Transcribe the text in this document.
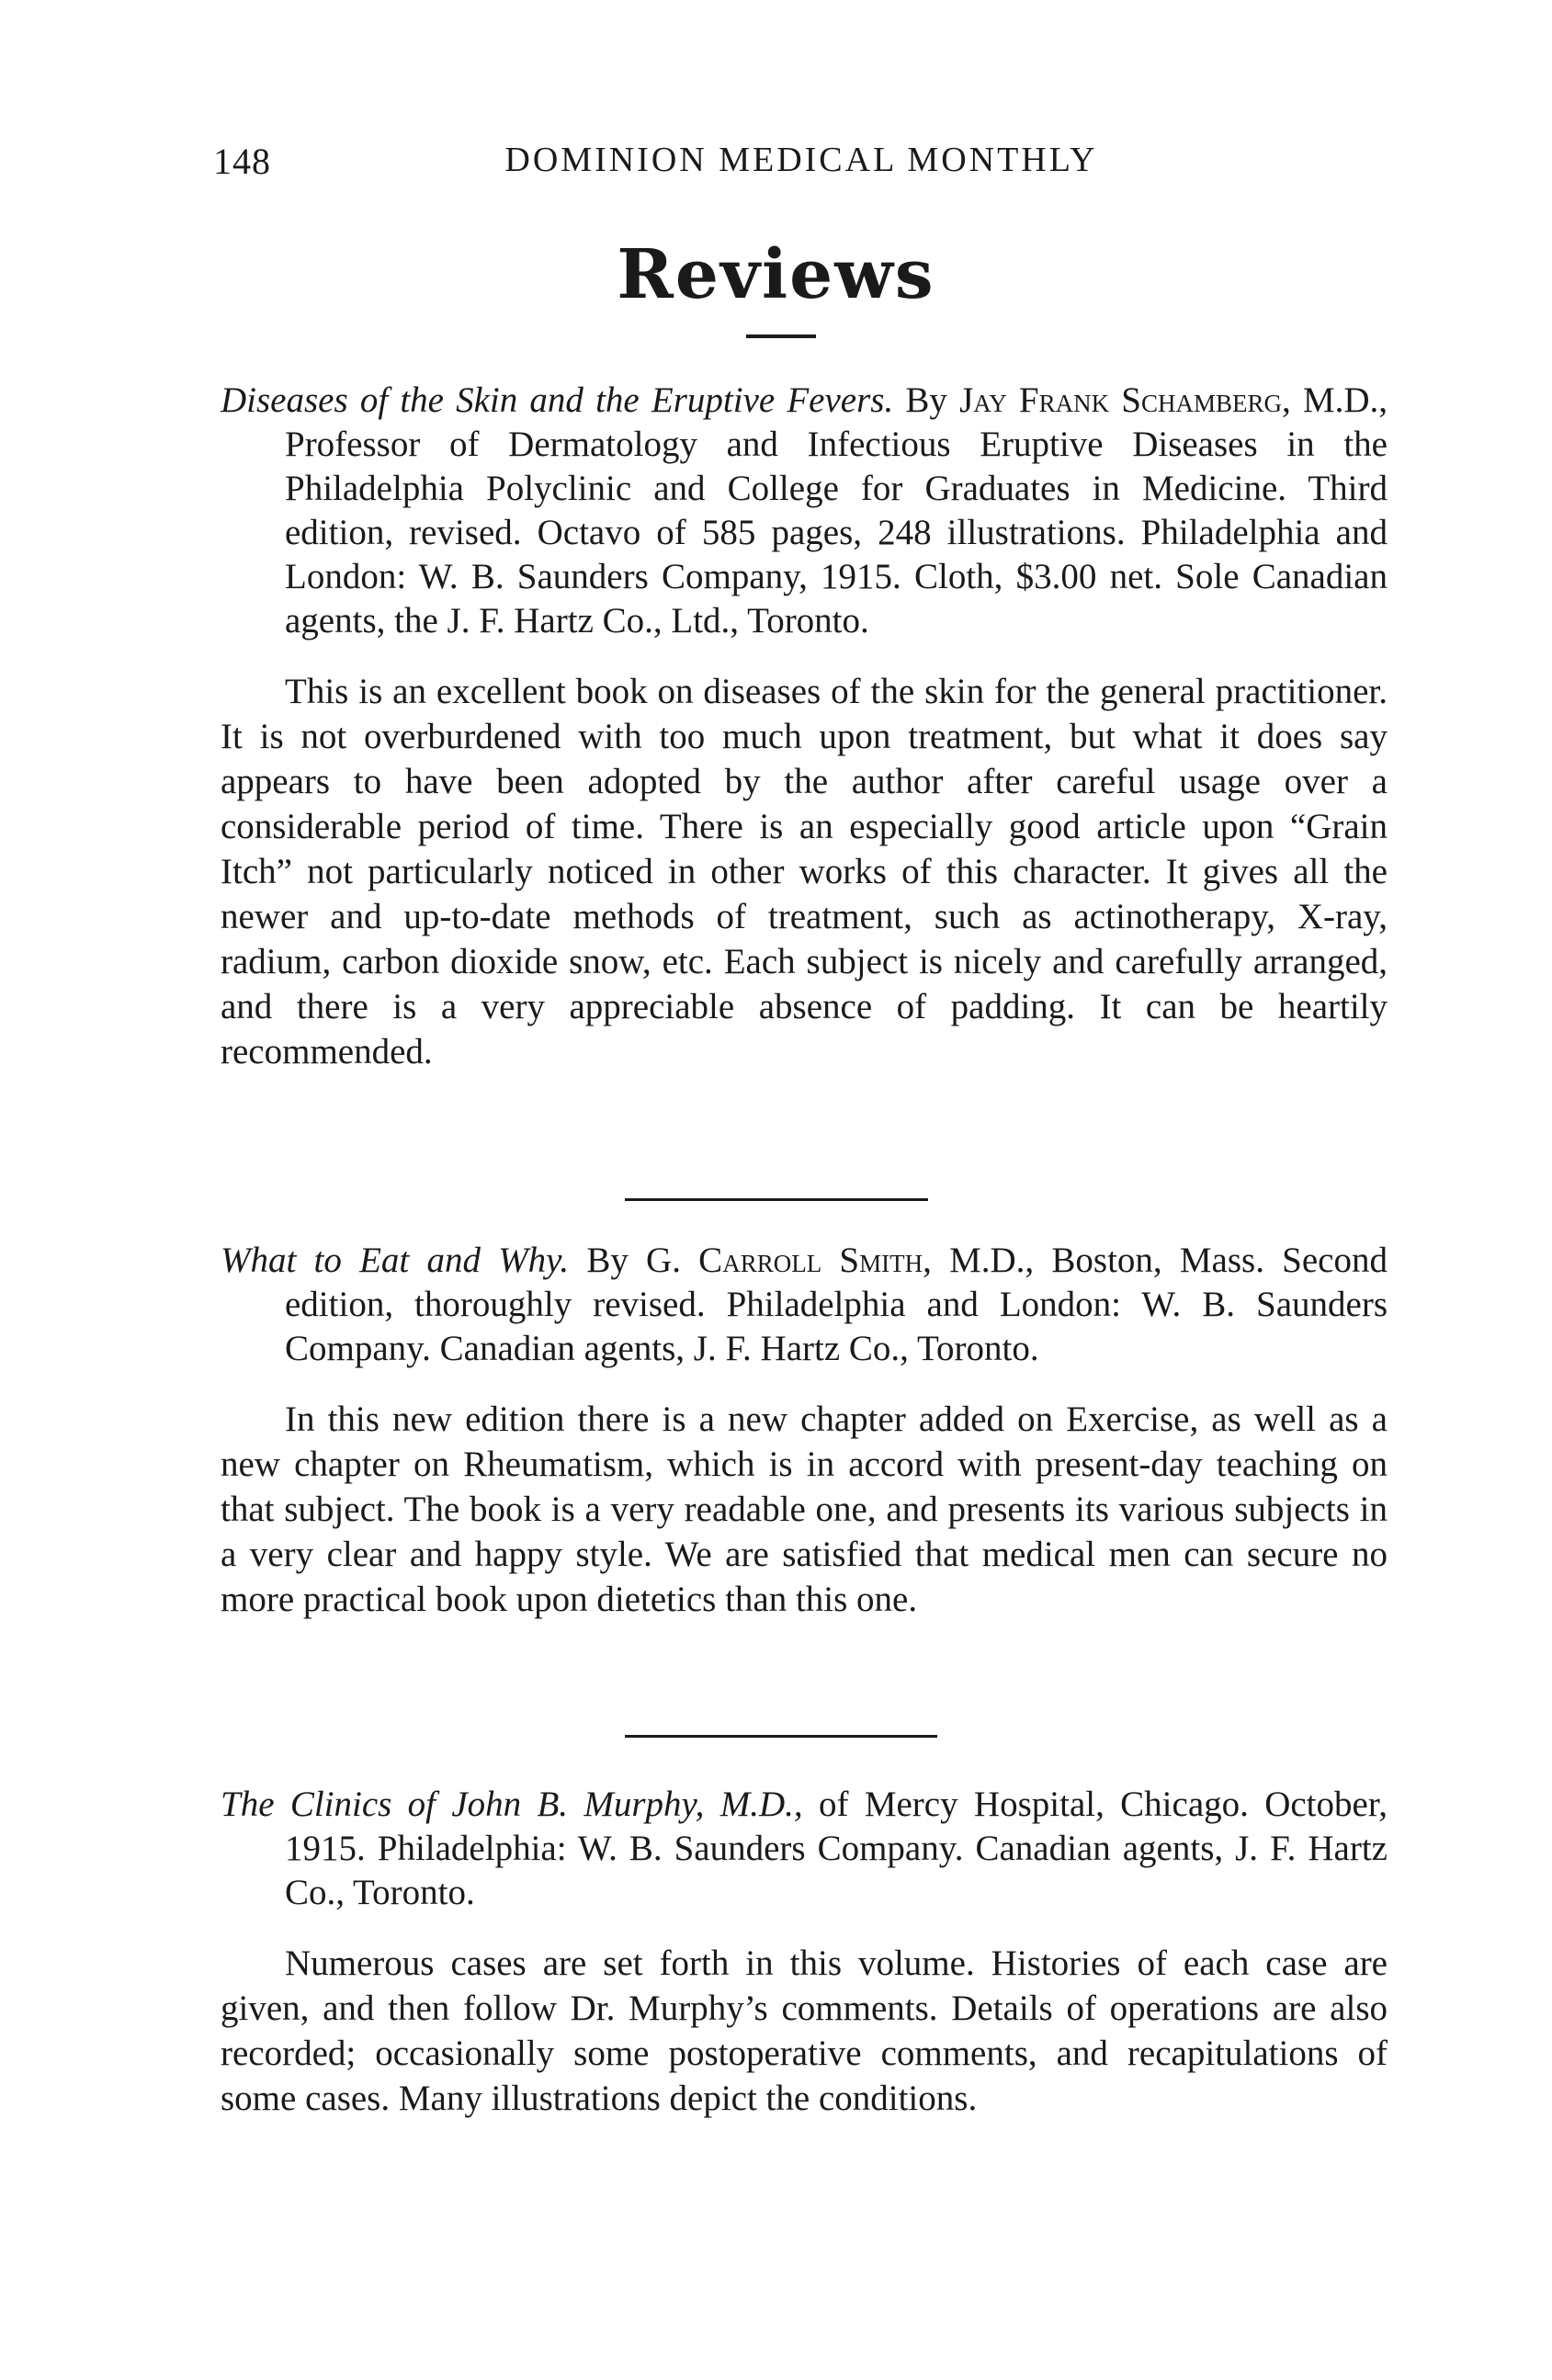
148	DOMINION MEDICAL MONTHLY
Reviews

Diseases of the Skin and the Eruptive Fevers. By Jay Frank Schamberg, M.D., Professor of Dermatology and Infectious Eruptive Diseases in the Philadelphia Polyclinic and College for Graduates in Medicine. Third edition, revised. Octavo of 585 pages, 248 illustrations. Philadelphia and London: W. B. Saunders Company, 1915. Cloth, $3.00 net. Sole Canadian agents, the J. F. Hartz Co., Ltd., Toronto.

This is an excellent book on diseases of the skin for the general practitioner. It is not overburdened with too much upon treatment, but what it does say appears to have been adopted by the author after careful usage over a considerable period of time. There is an especially good article upon “Grain Itch” not particularly noticed in other works of this character. It gives all the newer and up-to-date methods of treatment, such as actinotherapy, X-ray, radium, carbon dioxide snow, etc. Each subject is nicely and carefully arranged, and there is a very appreciable absence of padding. It can be heartily recommended.

What to Eat and Why. By G. Carroll Smith, M.D., Boston, Mass. Second edition, thoroughly revised. Philadelphia and London: W. B. Saunders Company. Canadian agents, J. F. Hartz Co., Toronto.

In this new edition there is a new chapter added on Exercise, as well as a new chapter on Rheumatism, which is in accord with present-day teaching on that subject. The book is a very readable one, and presents its various subjects in a very clear and happy style. We are satisfied that medical men can secure no more practical book upon dietetics than this one.

The Clinics of John B. Murphy, M.D., of Mercy Hospital, Chicago. October, 1915. Philadelphia: W. B. Saunders Company. Canadian agents, J. F. Hartz Co., Toronto.

Numerous cases are set forth in this volume. Histories of each case are given, and then follow Dr. Murphy’s comments. Details of operations are also recorded; occasionally some postoperative comments, and recapitulations of some cases. Many illustrations depict the conditions.
